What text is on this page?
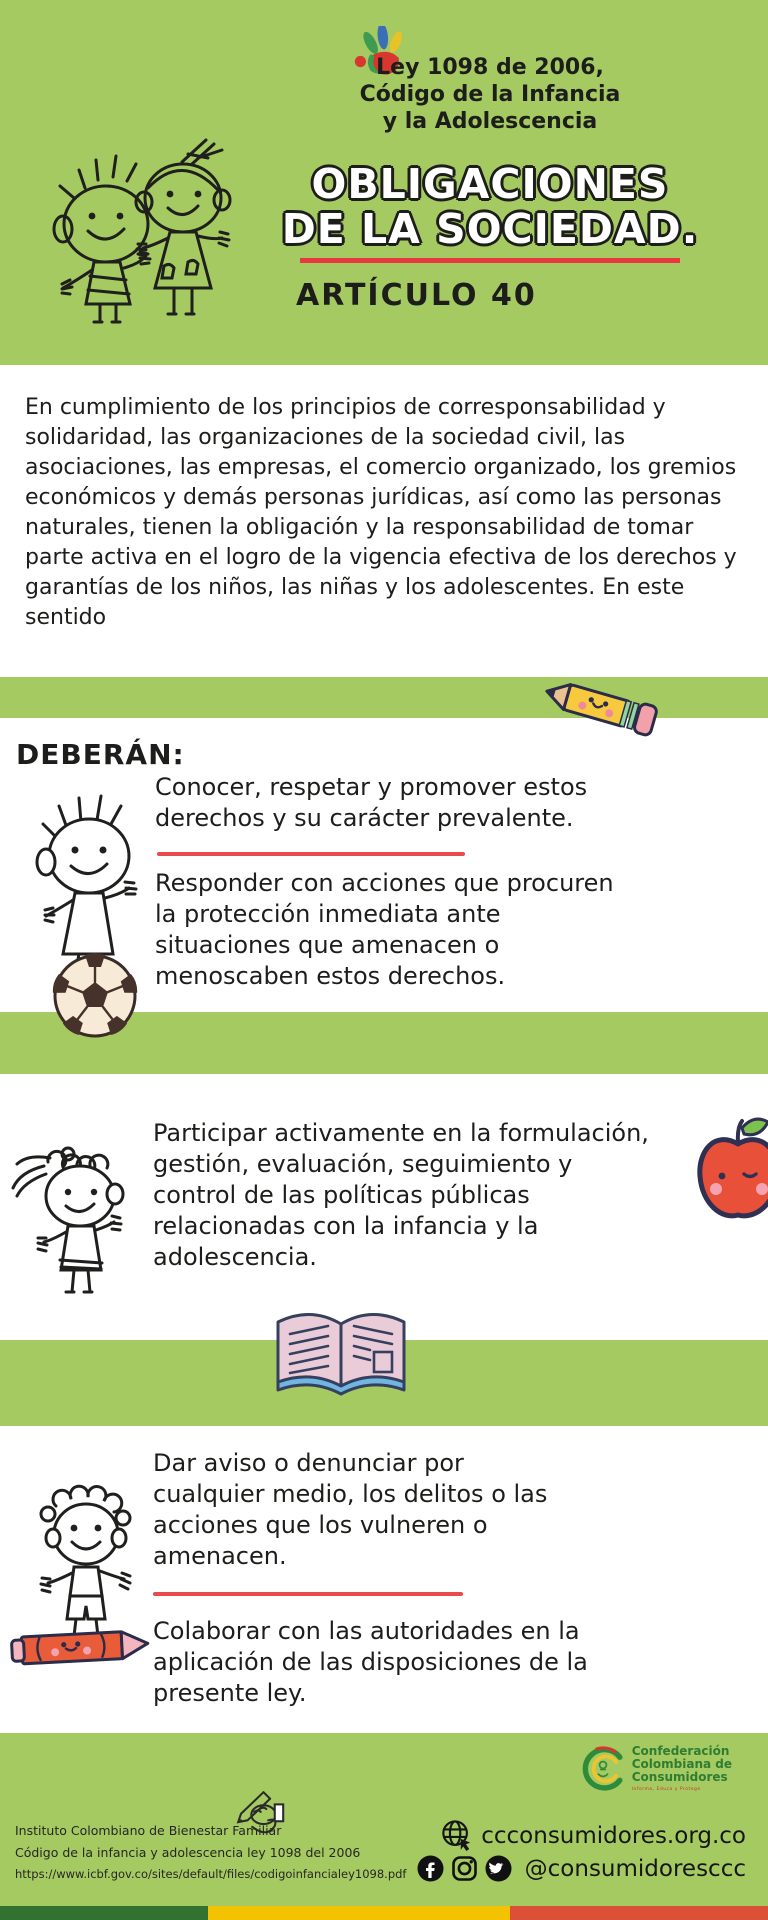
Ley 1098 de 2006,
Código de la Infancia
y la Adolescencia
OBLIGACIONES
DE LA SOCIEDAD.
ARTÍCULO 40
En cumplimiento de los principios de corresponsabilidad y solidaridad, las organizaciones de la sociedad civil, las asociaciones, las empresas, el comercio organizado, los gremios económicos y demás personas jurídicas, así como las personas naturales, tienen la obligación y la responsabilidad de tomar parte activa en el logro de la vigencia efectiva de los derechos y garantías de los niños, las niñas y los adolescentes. En este sentido
DEBERÁN:
Conocer, respetar y promover estos derechos y su carácter prevalente.
Responder con acciones que procuren la protección inmediata ante situaciones que amenacen o menoscaben estos derechos.
Participar activamente en la formulación, gestión, evaluación, seguimiento y control de las políticas públicas relacionadas con la infancia y la adolescencia.
Dar aviso o denunciar por cualquier medio, los delitos o las acciones que los vulneren o amenacen.
Colaborar con las autoridades en la aplicación de las disposiciones de la presente ley.
Instituto Colombiano de Bienestar Familiar
Código de la infancia y adolescencia ley 1098 del 2006
https://www.icbf.gov.co/sites/default/files/codigoinfancialey1098.pdf
Confederación
Colombiana de
Consumidores
Informa, Educa y Protege
ccconsumidores.org.co
@consumidoresccc
